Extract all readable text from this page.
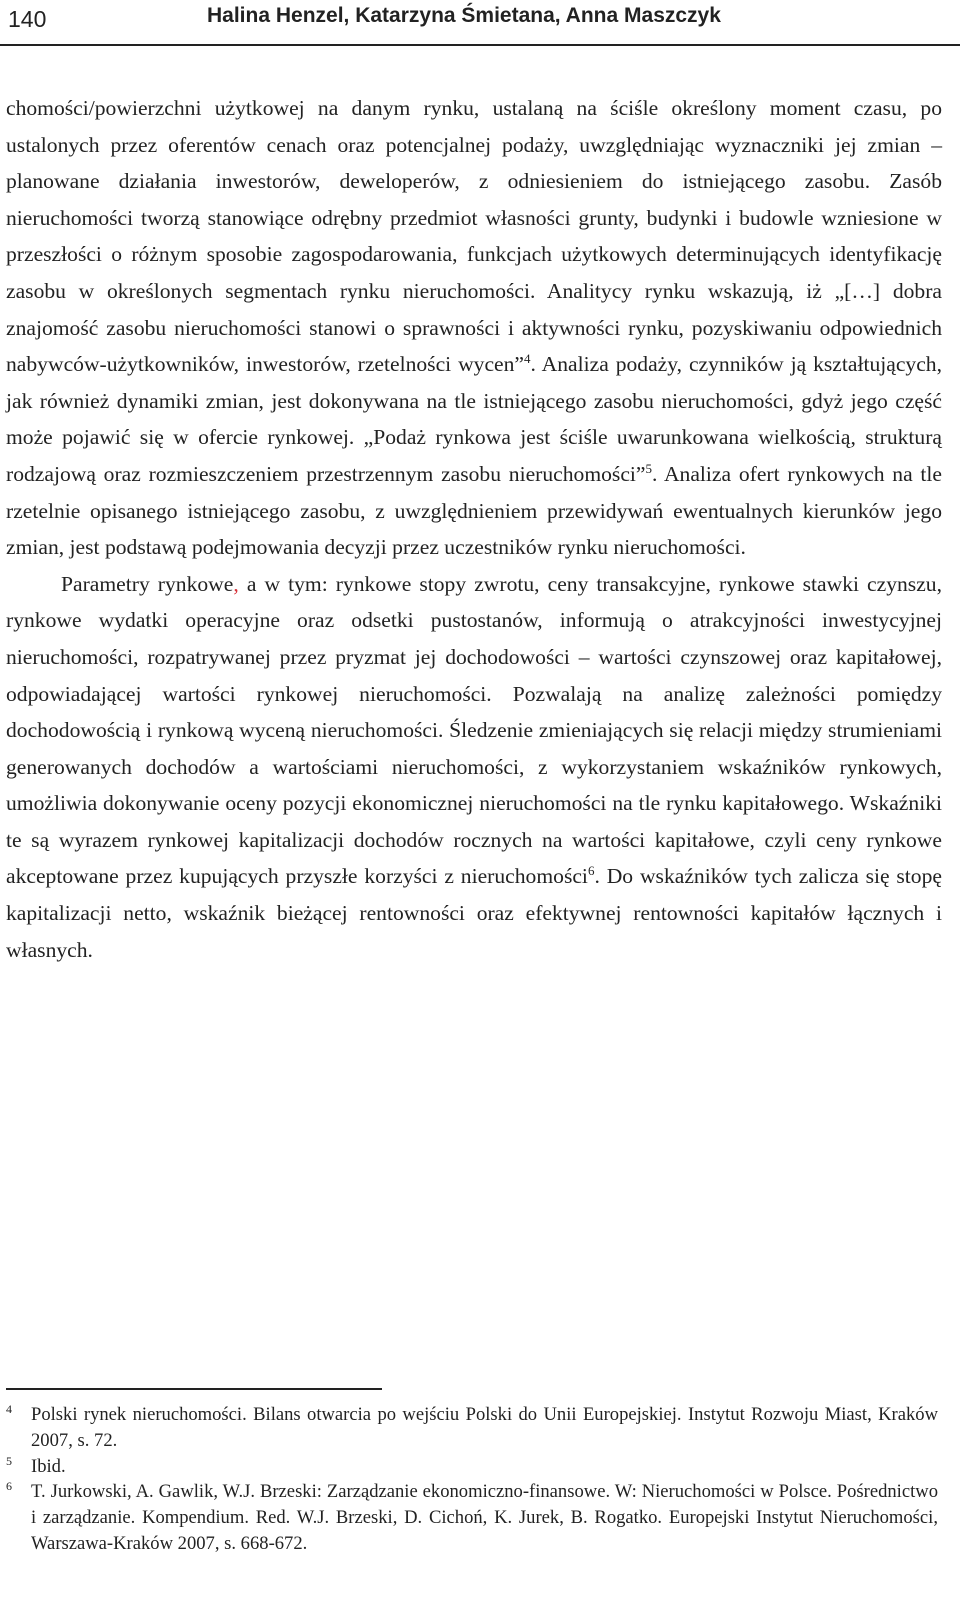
140	Halina Henzel, Katarzyna Śmietana, Anna Maszczyk

chomości/powierzchni użytkowej na danym rynku, ustalaną na ściśle określony moment czasu, po ustalonych przez oferentów cenach oraz potencjalnej podaży, uwzględniając wyznaczniki jej zmian – planowane działania inwestorów, deweloperów, z odniesieniem do istniejącego zasobu. Zasób nieruchomości tworzą stanowiące odrębny przedmiot własności grunty, budynki i budowle wzniesione w przeszłości o różnym sposobie zagospodarowania, funkcjach użytkowych determinujących identyfikację zasobu w określonych segmentach rynku nieruchomości. Analitycy rynku wskazują, iż „[…] dobra znajomość zasobu nieruchomości stanowi o sprawności i aktywności rynku, pozyskiwaniu odpowiednich nabywców-użytkowników, inwestorów, rzetelności wycen”$^4$. Analiza podaży, czynników ją kształtujących, jak również dynamiki zmian, jest dokonywana na tle istniejącego zasobu nieruchomości, gdyż jego część może pojawić się w ofercie rynkowej. „Podaż rynkowa jest ściśle uwarunkowana wielkością, strukturą rodzajową oraz rozmieszczeniem przestrzennym zasobu nieruchomości”$^5$. Analiza ofert rynkowych na tle rzetelnie opisanego istniejącego zasobu, z uwzględnieniem przewidywań ewentualnych kierunków jego zmian, jest podstawą podejmowania decyzji przez uczestników rynku nieruchomości.

Parametry rynkowe, a w tym: rynkowe stopy zwrotu, ceny transakcyjne, rynkowe stawki czynszu, rynkowe wydatki operacyjne oraz odsetki pustostanów, informują o atrakcyjności inwestycyjnej nieruchomości, rozpatrywanej przez pryzmat jej dochodowości – wartości czynszowej oraz kapitałowej, odpowiadającej wartości rynkowej nieruchomości. Pozwalają na analizę zależności pomiędzy dochodowością i rynkową wyceną nieruchomości. Śledzenie zmieniających się relacji między strumieniami generowanych dochodów a wartościami nieruchomości, z wykorzystaniem wskaźników rynkowych, umożliwia dokonywanie oceny pozycji ekonomicznej nieruchomości na tle rynku kapitałowego. Wskaźniki te są wyrazem rynkowej kapitalizacji dochodów rocznych na wartości kapitałowe, czyli ceny rynkowe akceptowane przez kupujących przyszłe korzyści z nieruchomości$^6$. Do wskaźników tych zalicza się stopę kapitalizacji netto, wskaźnik bieżącej rentowności oraz efektywnej rentowności kapitałów łącznych i własnych.

4 Polski rynek nieruchomości. Bilans otwarcia po wejściu Polski do Unii Europejskiej. Instytut Rozwoju Miast, Kraków 2007, s. 72.
5 Ibid.
6 T. Jurkowski, A. Gawlik, W.J. Brzeski: Zarządzanie ekonomiczno-finansowe. W: Nieruchomości w Polsce. Pośrednictwo i zarządzanie. Kompendium. Red. W.J. Brzeski, D. Cichoń, K. Jurek, B. Rogatko. Europejski Instytut Nieruchomości, Warszawa-Kraków 2007, s. 668-672.
